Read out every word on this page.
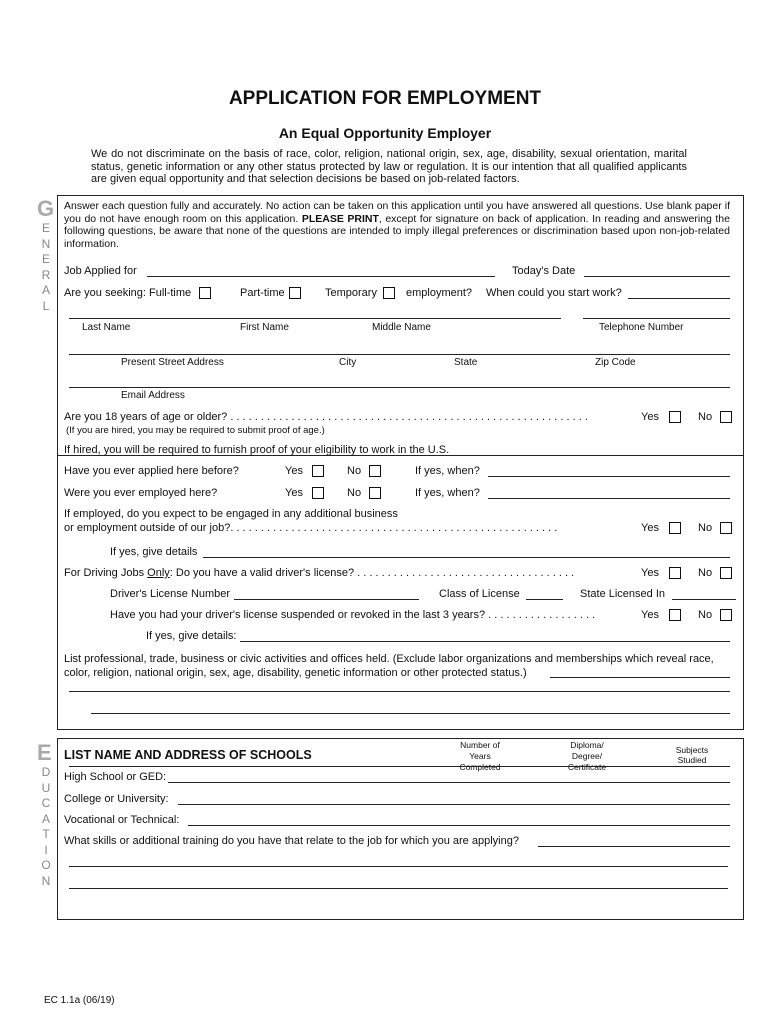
APPLICATION FOR EMPLOYMENT
An Equal Opportunity Employer
We do not discriminate on the basis of race, color, religion, national origin, sex, age, disability, sexual orientation, marital status, genetic information or any other status protected by law or regulation. It is our intention that all qualified applicants are given equal opportunity and that selection decisions be based on job-related factors.
G
E
N
E
R
A
L
Answer each question fully and accurately. No action can be taken on this application until you have answered all questions. Use blank paper if you do not have enough room on this application. PLEASE PRINT, except for signature on back of application. In reading and answering the following questions, be aware that none of the questions are intended to imply illegal preferences or discrimination based upon non-job-related information.
Job Applied for	Today's Date
Are you seeking: Full-time	Part-time	Temporary	employment? When could you start work?
Last Name	First Name	Middle Name	Telephone Number
Present Street Address	City	State	Zip Code
Email Address
Are you 18 years of age or older? . . . . . . . . . . . . . . . . . . . . . . . . . . . . . . . . . . . . . . . . . . . . . . . . . . . . . . . . . . .	Yes	No
(If you are hired, you may be required to submit proof of age.)
If hired, you will be required to furnish proof of your eligibility to work in the U.S.
Have you ever applied here before?	Yes	No	If yes, when?
Were you ever employed here?	Yes	No	If yes, when?
If employed, do you expect to be engaged in any additional business
or employment outside of our job?. . . . . . . . . . . . . . . . . . . . . . . . . . . . . . . . . . . . . . . . . . . . . . . . . . . . . .	Yes	No
If yes, give details
For Driving Jobs Only: Do you have a valid driver's license? . . . . . . . . . . . . . . . . . . . . . . . . . . . . . . . . . . . .	Yes	No
Driver's License Number	Class of License	State Licensed In
Have you had your driver's license suspended or revoked in the last 3 years? . . . . . . . . . . . . . . . . . .	Yes	No
If yes, give details:
List professional, trade, business or civic activities and offices held. (Exclude labor organizations and memberships which reveal race, color, religion, national origin, sex, age, disability, genetic information or other protected status.)
E
D
U
C
A
T
I
O
N
LIST NAME AND ADDRESS OF SCHOOLS
Number of
Years
Completed
Diploma/
Degree/
Certificate
Subjects
Studied
High School or GED:
College or University:
Vocational or Technical:
What skills or additional training do you have that relate to the job for which you are applying?
EC 1.1a (06/19)
